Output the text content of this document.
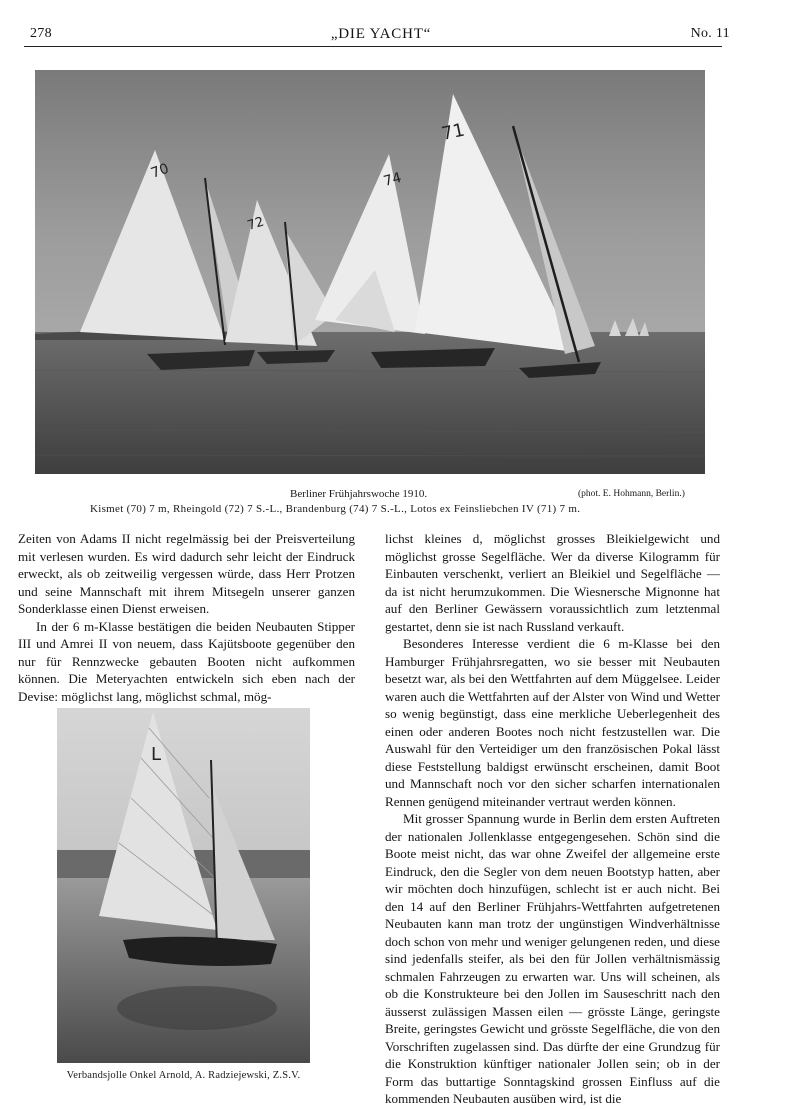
278	„DIE YACHT“	No. 11
70
72
74
71
Berliner Frühjahrswoche 1910.	(phot. E. Hohmann, Berlin.)
Kismet (70) 7 m, Rheingold (72) 7 S.-L., Brandenburg (74) 7 S.-L., Lotos ex Feinsliebchen IV (71) 7 m.
L
Verbandsjolle Onkel Arnold, A. Radziejewski, Z.S.V.

Zeiten von Adams II nicht regelmässig bei der Preisverteilung mit verlesen wurden. Es wird dadurch sehr leicht der Eindruck erweckt, als ob zeitweilig vergessen würde, dass Herr Protzen und seine Mannschaft mit ihrem Mitsegeln unserer ganzen Sonderklasse einen Dienst erweisen.

In der 6 m-Klasse bestätigen die beiden Neubauten Stipper III und Amrei II von neuem, dass Kajütsboote gegenüber den nur für Rennzwecke gebauten Booten nicht aufkommen können. Die Meteryachten entwickeln sich eben nach der Devise: möglichst lang, möglichst schmal, mög-

lichst kleines d, möglichst grosses Bleikielgewicht und möglichst grosse Segelfläche. Wer da diverse Kilogramm für Einbauten verschenkt, verliert an Bleikiel und Segelfläche — da ist nicht herumzukommen. Die Wiesnersche Mignonne hat auf den Berliner Gewässern voraussichtlich zum letztenmal gestartet, denn sie ist nach Russland verkauft.

Besonderes Interesse verdient die 6 m-Klasse bei den Hamburger Frühjahrsregatten, wo sie besser mit Neubauten besetzt war, als bei den Wettfahrten auf dem Müggelsee. Leider waren auch die Wettfahrten auf der Alster von Wind und Wetter so wenig begünstigt, dass eine merkliche Ueberlegenheit des einen oder anderen Bootes noch nicht festzustellen war. Die Auswahl für den Verteidiger um den französischen Pokal lässt diese Feststellung baldigst erwünscht erscheinen, damit Boot und Mannschaft noch vor den sicher scharfen internationalen Rennen genügend miteinander vertraut werden können.

Mit grosser Spannung wurde in Berlin dem ersten Auftreten der nationalen Jollenklasse entgegengesehen. Schön sind die Boote meist nicht, das war ohne Zweifel der allgemeine erste Eindruck, den die Segler von dem neuen Bootstyp hatten, aber wir möchten doch hinzufügen, schlecht ist er auch nicht. Bei den 14 auf den Berliner Frühjahrs-Wettfahrten aufgetretenen Neubauten kann man trotz der ungünstigen Windverhältnisse doch schon von mehr und weniger gelungenen reden, und diese sind jedenfalls steifer, als bei den für Jollen verhältnismässig schmalen Fahrzeugen zu erwarten war. Uns will scheinen, als ob die Konstrukteure bei den Jollen im Sauseschritt nach den äusserst zulässigen Massen eilen — grösste Länge, geringste Breite, geringstes Gewicht und grösste Segelfläche, die von den Vorschriften zugelassen sind. Das dürfte der eine Grundzug für die Konstruktion künftiger nationaler Jollen sein; ob in der Form das buttartige Sonntagskind grossen Einfluss auf die kommenden Neubauten ausüben wird, ist die
